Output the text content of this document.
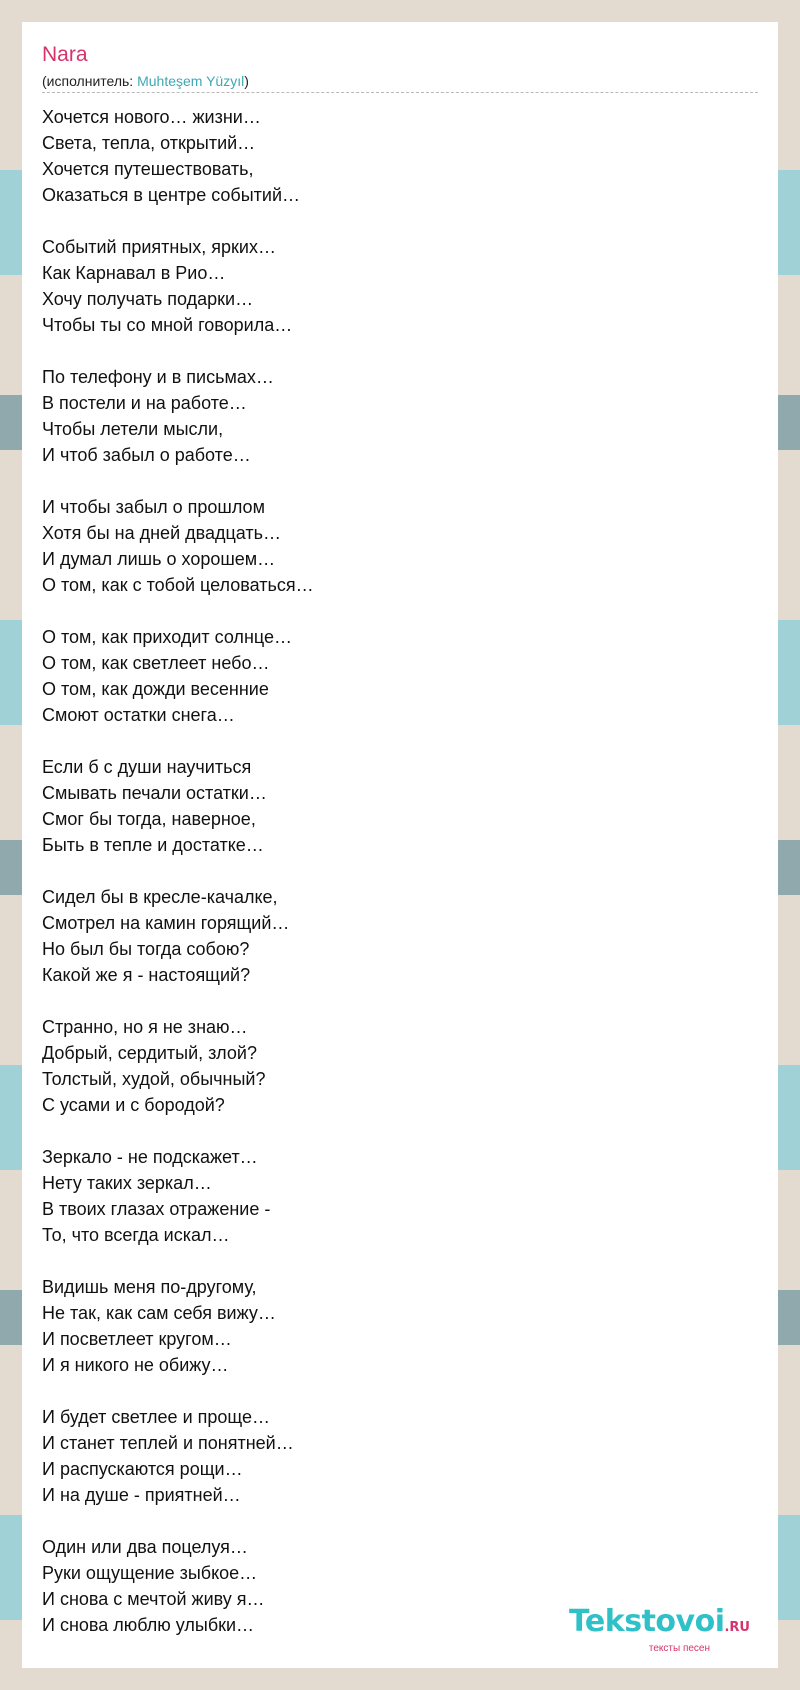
Nara
(исполнитель: Muhteşem Yüzyıl)
Хочется нового… жизни…
Света, тепла, открытий…
Хочется путешествовать,
Оказаться в центре событий…
Событий приятных, ярких…
Как Карнавал в Рио…
Хочу получать подарки…
Чтобы ты со мной говорила…
По телефону и в письмах…
В постели и на работе…
Чтобы летели мысли,
И чтоб забыл о работе…
И чтобы забыл о прошлом
Хотя бы на дней двадцать…
И думал лишь о хорошем…
О том, как с тобой целоваться…
О том, как приходит солнце…
О том, как светлеет небо…
О том, как дожди весенние
Смоют остатки снега…
Если б с души научиться
Смывать печали остатки…
Смог бы тогда, наверное,
Быть в тепле и достатке…
Сидел бы в кресле-качалке,
Смотрел на камин горящий…
Но был бы тогда собою?
Какой же я - настоящий?
Странно, но я не знаю…
Добрый, сердитый, злой?
Толстый, худой, обычный?
С усами и с бородой?
Зеркало - не подскажет…
Нету таких зеркал…
В твоих глазах отражение -
То, что всегда искал…
Видишь меня по-другому,
Не так, как сам себя вижу…
И посветлеет кругом…
И я никого не обижу…
И будет светлее и проще…
И станет теплей и понятней…
И распускаются рощи…
И на душе - приятней…
Один или два поцелуя…
Руки ощущение зыбкое…
И снова с мечтой живу я…
И снова люблю улыбки…	Tekstovoi.RU
тексты песен
